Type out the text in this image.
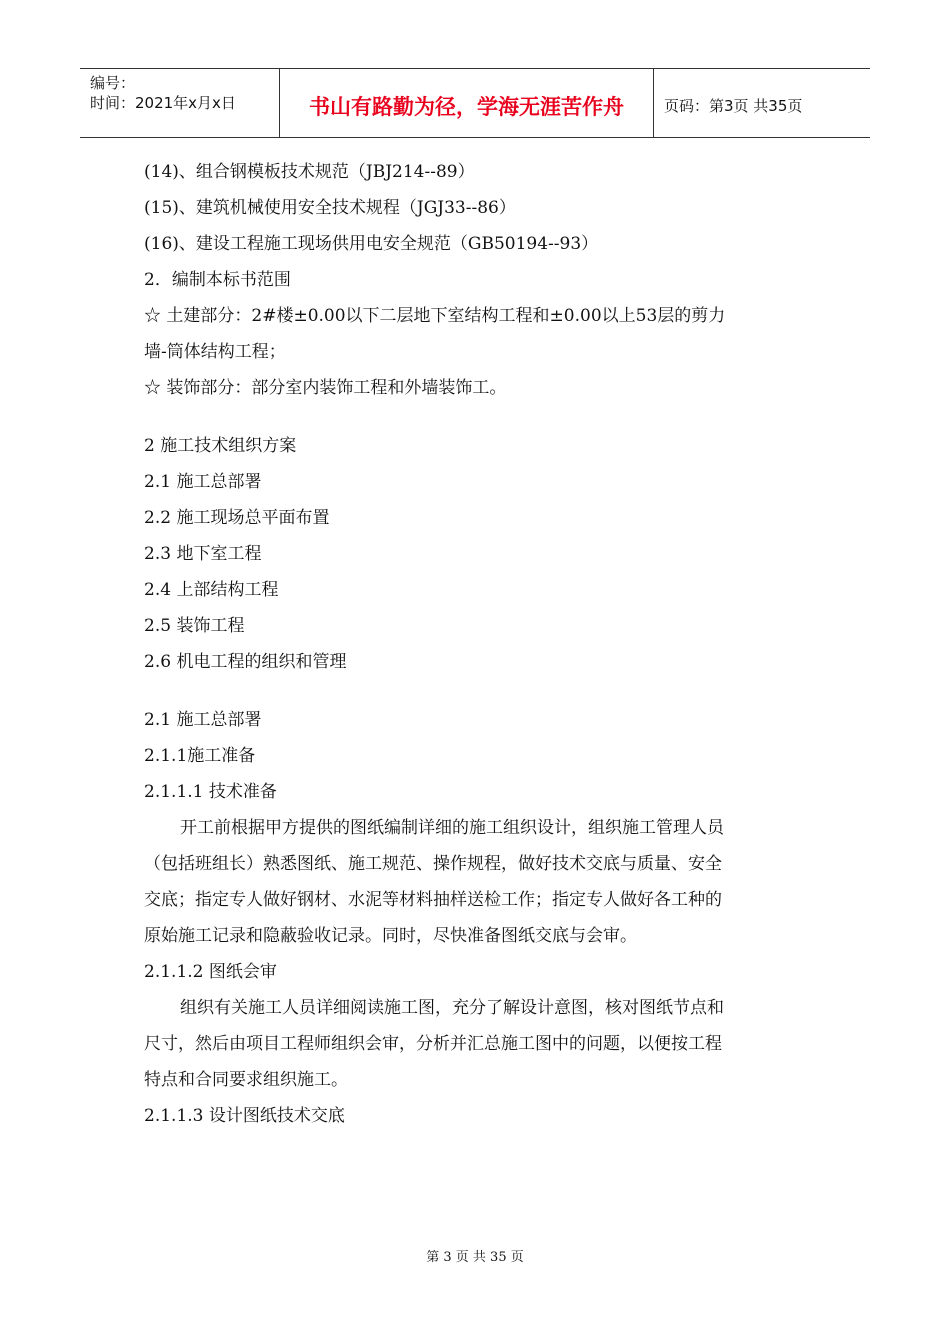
编号：
时间：2021年x月x日	书山有路勤为径，学海无涯苦作舟	页码：第3页 共35页
(14)、组合钢模板技术规范（JBJ214--89）
(15)、建筑机械使用安全技术规程（JGJ33--86）
(16)、建设工程施工现场供用电安全规范（GB50194--93）
2．编制本标书范围
☆ 土建部分：2#楼±0.00以下二层地下室结构工程和±0.00以上53层的剪力
墙-筒体结构工程；
☆ 装饰部分：部分室内装饰工程和外墙装饰工。
2 施工技术组织方案
2.1 施工总部署
2.2 施工现场总平面布置
2.3 地下室工程
2.4 上部结构工程
2.5 装饰工程
2.6 机电工程的组织和管理
2.1 施工总部署
2.1.1施工准备
2.1.1.1 技术准备
开工前根据甲方提供的图纸编制详细的施工组织设计，组织施工管理人员
（包括班组长）熟悉图纸、施工规范、操作规程，做好技术交底与质量、安全
交底；指定专人做好钢材、水泥等材料抽样送检工作；指定专人做好各工种的
原始施工记录和隐蔽验收记录。同时，尽快准备图纸交底与会审。
2.1.1.2 图纸会审
组织有关施工人员详细阅读施工图，充分了解设计意图，核对图纸节点和
尺寸，然后由项目工程师组织会审，分析并汇总施工图中的问题，以便按工程
特点和合同要求组织施工。
2.1.1.3 设计图纸技术交底
第 3 页 共 35 页
